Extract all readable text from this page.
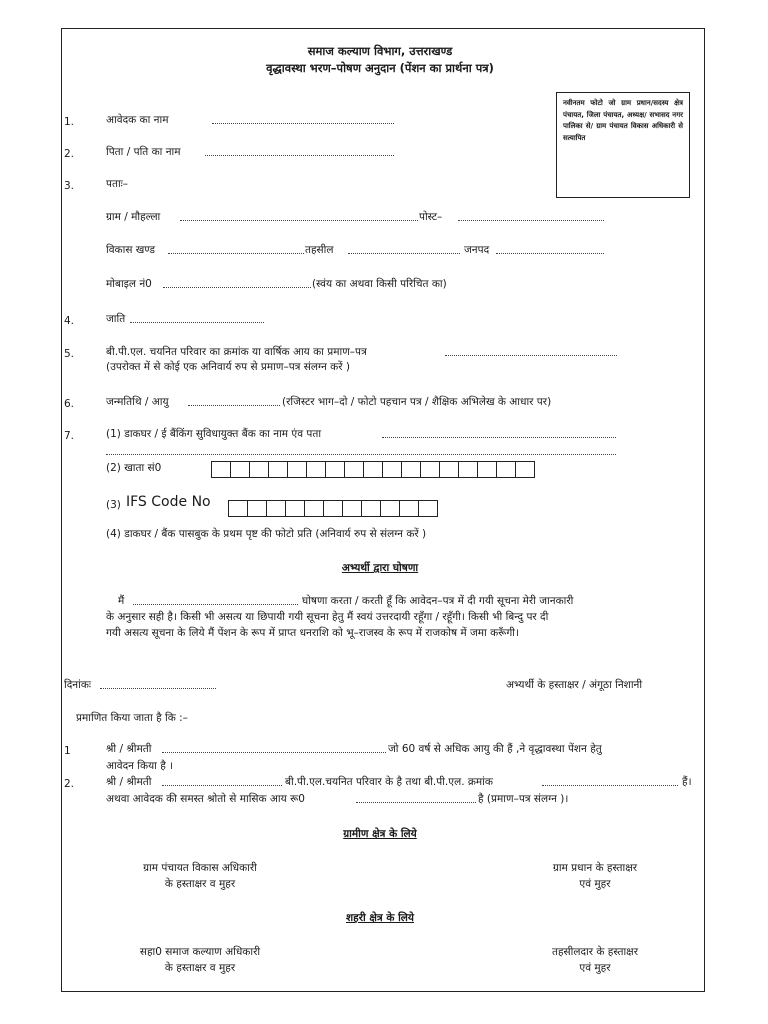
समाज कल्याण विभाग, उत्तराखण्ड
वृद्धावस्था भरण–पोषण अनुदान (पेंशन का प्रार्थना पत्र)
नवीनतम फोटो जो ग्राम प्रधान/सदस्य क्षेत्र पंचायत, जिला पंचायत, अध्यक्ष/ सभासद नगर पालिका से/ ग्राम पंचायत विकास अधिकारी से सत्यापित
1.	आवेदक का नाम
2.	पिता / पति का नाम
3.	पताः–
ग्राम / मौहल्ला	पोस्ट–
विकास खण्ड	तहसील	जनपद
मोबाइल नं0	(स्वंय का अथवा किसी परिचित का)
4.	जाति
5.	बी.पी.एल. चयनित परिवार का क्रमांक या वार्षिक आय का प्रमाण–पत्र
(उपरोक्त में से कोई एक अनिवार्य रुप से प्रमाण–पत्र संलग्न करें )
6.	जन्मतिथि / आयु	(रजिस्टर भाग–दो / फोटो पहचान पत्र / शैक्षिक अभिलेख के आधार पर)
7.	(1) डाकघर / ई बैंकिंग सुविधायुक्त बैंक का नाम एंव पता
(2) खाता सं0
(3) IFS Code No
(4) डाकघर / बैंक पासबुक के प्रथम पृष्ट की फोटो प्रति (अनिवार्य रुप से संलग्न करें )
अभ्यर्थी द्वारा घोषणा
मैं	घोषणा करता / करती हूँ कि आवेदन–पत्र में दी गयी सूचना मेरी जानकारी
के अनुसार सही है। किसी भी असत्य या छिपायी गयी सूचना हेतु मैं स्वयं उत्तरदायी रहूँगा / रहूँगी। किसी भी बिन्दु पर दी
गयी असत्य सूचना के लिये मैं पेंशन के रूप में प्राप्त धनराशि को भू–राजस्व के रूप में राजकोष में जमा करूँगी।
दिनांकः	अभ्यर्थी के हस्ताक्षर / अंगूठा निशानी
प्रमाणित किया जाता है कि :–
1	श्री / श्रीमती	जो 60 वर्ष से अधिक आयु की हैं ,ने वृद्धावस्था पेंशन हेतु
आवेदन किया है ।
2.	श्री / श्रीमती	बी.पी.एल.चयनित परिवार के है तथा बी.पी.एल. क्रमांक	हैं।
अथवा आवेदक की समस्त श्रोतो से मासिक आय रू0	है (प्रमाण–पत्र संलग्न )।
ग्रामीण क्षेत्र के लिये
ग्राम पंचायत विकास अधिकारी
के हस्ताक्षर व मुहर
ग्राम प्रधान के हस्ताक्षर
एवं मुहर
शहरी क्षेत्र के लिये
सहा0 समाज कल्याण अधिकारी
के हस्ताक्षर व मुहर
तहसीलदार के हस्ताक्षर
एवं मुहर
